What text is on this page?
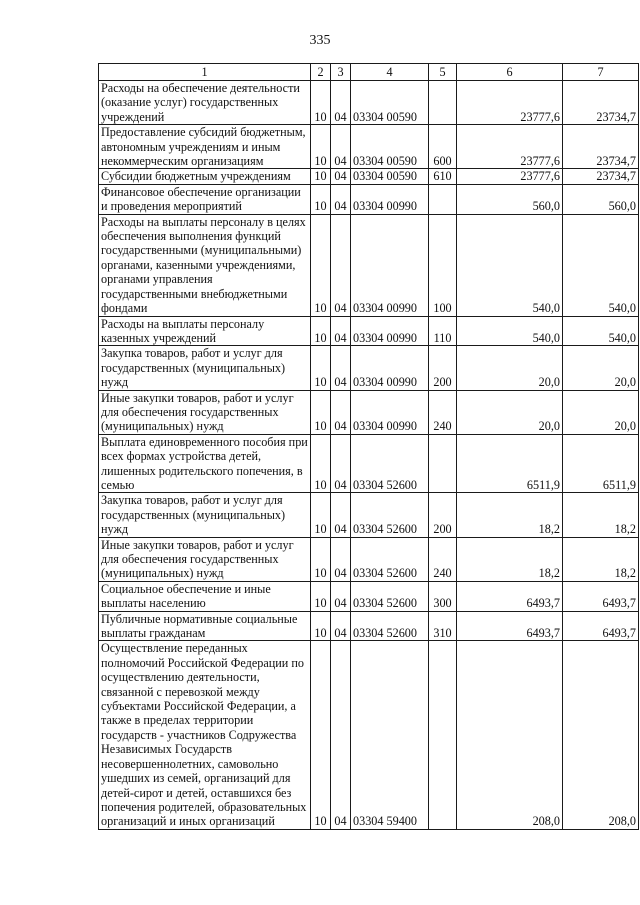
335
1	2	3	4	5	6	7
Расходы на обеспечение деятельности (оказание услуг) государственных учреждений	10	04	03304 00590		23777,6	23734,7
Предоставление субсидий бюджетным, автономным учреждениям и иным некоммерческим организациям	10	04	03304 00590	600	23777,6	23734,7
Субсидии бюджетным учреждениям	10	04	03304 00590	610	23777,6	23734,7
Финансовое обеспечение организации и проведения мероприятий	10	04	03304 00990		560,0	560,0
Расходы на выплаты персоналу в целях обеспечения выполнения функций государственными (муниципальными) органами, казенными учреждениями, органами управления государственными внебюджетными фондами	10	04	03304 00990	100	540,0	540,0
Расходы на выплаты персоналу казенных учреждений	10	04	03304 00990	110	540,0	540,0
Закупка товаров, работ и услуг для государственных (муниципальных) нужд	10	04	03304 00990	200	20,0	20,0
Иные закупки товаров, работ и услуг для обеспечения государственных (муниципальных) нужд	10	04	03304 00990	240	20,0	20,0
Выплата единовременного пособия при всех формах устройства детей, лишенных родительского попечения, в семью	10	04	03304 52600		6511,9	6511,9
Закупка товаров, работ и услуг для государственных (муниципальных) нужд	10	04	03304 52600	200	18,2	18,2
Иные закупки товаров, работ и услуг для обеспечения государственных (муниципальных) нужд	10	04	03304 52600	240	18,2	18,2
Социальное обеспечение и иные выплаты населению	10	04	03304 52600	300	6493,7	6493,7
Публичные нормативные социальные выплаты гражданам	10	04	03304 52600	310	6493,7	6493,7
Осуществление переданных полномочий Российской Федерации по осуществлению деятельности, связанной с перевозкой между субъектами Российской Федерации, а также в пределах территории государств - участников Содружества Независимых Государств несовершеннолетних, самовольно ушедших из семей, организаций для детей-сирот и детей, оставшихся без попечения родителей, образовательных организаций и иных организаций	10	04	03304 59400		208,0	208,0
